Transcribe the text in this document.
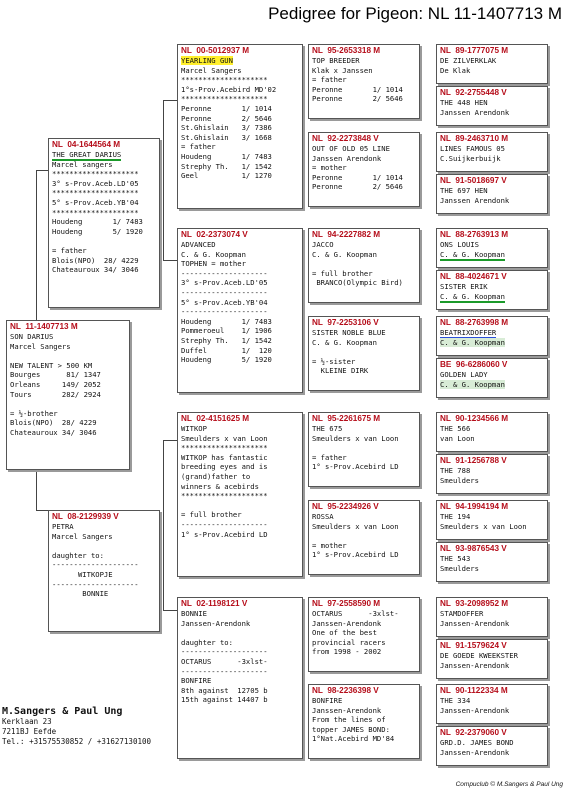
Pedigree for Pigeon: NL 11-1407713 M
NL  11-1407713 M
SON DARIUS
Marcel Sangers

NEW TALENT > 500 KM
Bourges      81/ 1347
Orleans     149/ 2052
Tours       282/ 2924

= ½-brother
Blois(NPO)  28/ 4229
Chateauroux 34/ 3046
NL  04-1644564 M
THE GREAT DARIUS
Marcel sangers
********************
3° s-Prov.Aceb.LD'05
********************
5° s-Prov.Aceb.YB'04
********************
Houdeng       1/ 7483
Houdeng       5/ 1920

= father
Blois(NPO)  28/ 4229
Chateauroux 34/ 3046
NL  08-2129939 V
PETRA
Marcel Sangers

daughter to:
--------------------
WITKOPJE
--------------------
BONNIE
NL  00-5012937 M
YEARLING GUN
Marcel Sangers
********************
1°s-Prov.Acebird MD'02
********************
Peronne       1/ 1014
Peronne       2/ 5646
St.Ghislain   3/ 7386
St.Ghislain   3/ 1668
= father
Houdeng       1/ 7483
Strephy Th.   1/ 1542
Geel          1/ 1270
NL  02-2373074 V
ADVANCED
C. & G. Koopman
TOPHEN = mother
--------------------
3° s-Prov.Aceb.LD'05
--------------------
5° s-Prov.Aceb.YB'04
--------------------
Houdeng       1/ 7483
Pommeroeul    1/ 1906
Strephy Th.   1/ 1542
Duffel        1/  120
Houdeng       5/ 1920
NL  02-4151625 M
WITKOP
Smeulders x van Loon
********************
WITKOP has fantastic
breeding eyes and is
(grand)father to
winners & acebirds
********************

= full brother
--------------------
1° s-Prov.Acebird LD
NL  02-1198121 V
BONNIE
Janssen-Arendonk

daughter to:
--------------------
OCTARUS      -3xlst-
--------------------
BONFIRE
8th against  12705 b
15th against 14407 b
NL  95-2653318 M
TOP BREEDER
Klak x Janssen
= father
Peronne       1/ 1014
Peronne       2/ 5646
NL  92-2273848 V
OUT OF OLD 05 LINE
Janssen Arendonk
= mother
Peronne       1/ 1014
Peronne       2/ 5646
NL  94-2227882 M
JACCO
C. & G. Koopman

= full brother
BRANCO(Olympic Bird)
NL  97-2253106 V
SISTER NOBLE BLUE
C. & G. Koopman

= ½-sister
KLEINE DIRK
NL  95-2261675 M
THE 675
Smeulders x van Loon

= father
1° s-Prov.Acebird LD
NL  95-2234926 V
ROSSA
Smeulders x van Loon

= mother
1° s-Prov.Acebird LD
NL  97-2558590 M
OCTARUS      -3xlst-
Janssen-Arendonk
One of the best
provincial racers
from 1998 - 2002
NL  98-2236398 V
BONFIRE
Janssen-Arendonk
From the lines of
topper JAMES BOND:
1°Nat.Acebird MD'84
NL  89-1777075 M
DE ZILVERKLAK
De Klak
NL  92-2755448 V
THE 448 HEN
Janssen Arendonk
NL  89-2463710 M
LINES FAMOUS 05
C.Suijkerbuijk
NL  91-5018697 V
THE 697 HEN
Janssen Arendonk
NL  88-2763913 M
ONS LOUIS
C. & G. Koopman
NL  88-4024671 V
SISTER ERIK
C. & G. Koopman
NL  88-2763998 M
BEATRIXDOFFER
C. & G. Koopman
BE  96-6286060 V
GOLDEN LADY
C. & G. Koopman
NL  90-1234566 M
THE 566
van Loon
NL  91-1256788 V
THE 788
Smeulders
NL  94-1994194 M
THE 194
Smeulders x van Loon
NL  93-9876543 V
THE 543
Smeulders
NL  93-2098952 M
STAMDOFFER
Janssen-Arendonk
NL  91-1579624 V
DE GOEDE KWEEKSTER
Janssen-Arendonk
NL  90-1122334 M
THE 334
Janssen-Arendonk
NL  92-2379060 V
GRD.D. JAMES BOND
Janssen-Arendonk
M.Sangers & Paul Ung
Kerklaan 23
7211BJ Eefde
Tel.: +31575530852 / +31627130100
Compuclub © M.Sangers & Paul Ung
